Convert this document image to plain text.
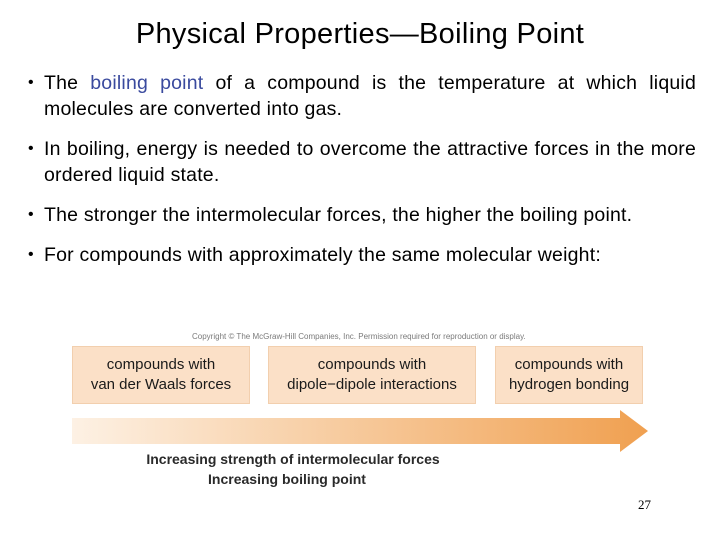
Physical Properties—Boiling Point
• The boiling point of a compound is the temperature at which liquid molecules are converted into gas.
• In boiling, energy is needed to overcome the attractive forces in the more ordered liquid state.
• The stronger the intermolecular forces, the higher the boiling point.
• For compounds with approximately the same molecular weight:
Copyright © The McGraw-Hill Companies, Inc. Permission required for reproduction or display.
compounds with
van der Waals forces
compounds with
dipole−dipole interactions
compounds with
hydrogen bonding
Increasing strength of intermolecular forces
Increasing boiling point
27
